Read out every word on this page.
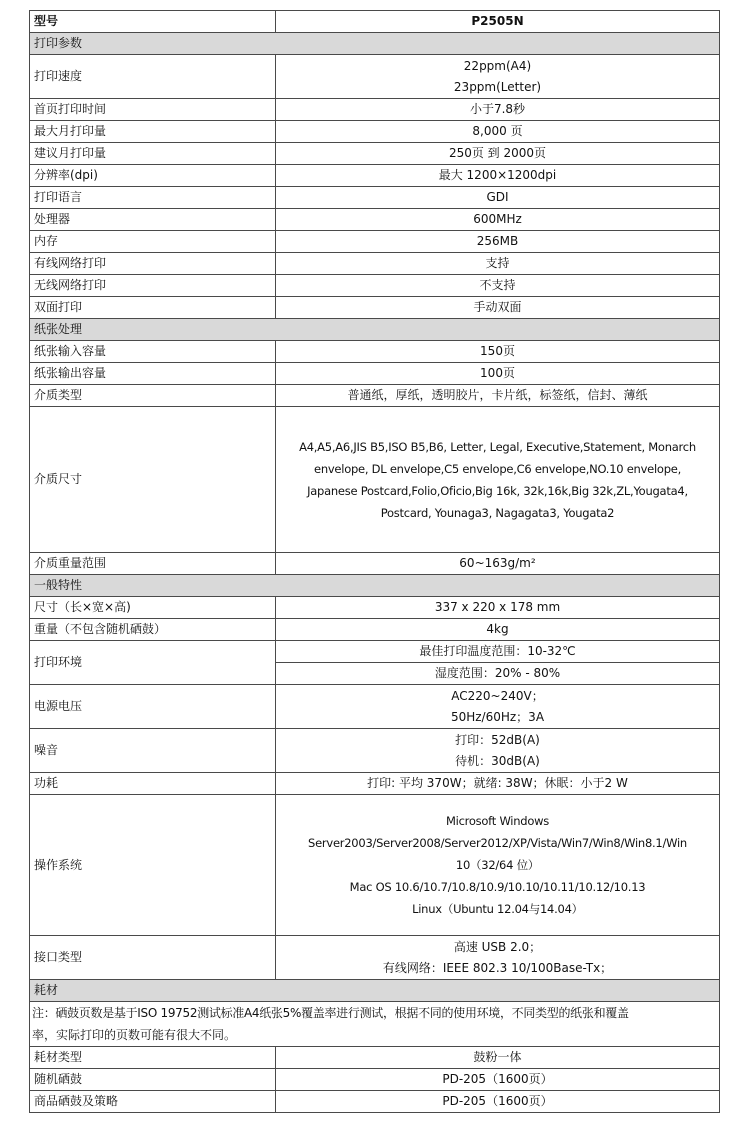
型号	P2505N
打印参数	
打印速度	22ppm(A4)
23ppm(Letter)

首页打印时间	小于7.8秒
最大月打印量	8,000 页
建议月打印量	250页 到 2000页
分辨率(dpi)	最大 1200×1200dpi
打印语言	GDI
处理器	600MHz
内存	256MB
有线网络打印	支持
无线网络打印	不支持
双面打印	手动双面
纸张处理	
纸张输入容量	150页
纸张输出容量	100页
介质类型	普通纸，厚纸，透明胶片，卡片纸，标签纸，信封、薄纸
介质尺寸	A4,A5,A6,JIS B5,ISO B5,B6, Letter, Legal, Executive,Statement, Monarch
envelope, DL envelope,C5 envelope,C6 envelope,NO.10 envelope,
Japanese Postcard,Folio,Oficio,Big 16k, 32k,16k,Big 32k,ZL,Yougata4,
Postcard, Younaga3, Nagagata3, Yougata2

介质重量范围	60~163g/m²
一般特性	
尺寸（长×宽×高)	337 x 220 x 178 mm
重量（不包含随机硒鼓）	4kg
打印环境	最佳打印温度范围：10-32℃
湿度范围：20% - 80%

电源电压	AC220~240V；
50Hz/60Hz；3A

噪音	打印：52dB(A)
待机：30dB(A)

功耗	打印: 平均 370W；就绪: 38W；休眠：小于2 W
操作系统	Microsoft Windows
Server2003/Server2008/Server2012/XP/Vista/Win7/Win8/Win8.1/Win
10（32/64 位）
Mac OS 10.6/10.7/10.8/10.9/10.10/10.11/10.12/10.13
Linux（Ubuntu 12.04与14.04）

接口类型	高速 USB 2.0；
有线网络：IEEE 802.3 10/100Base-Tx；

耗材	

注：硒鼓页数是基于ISO 19752测试标准A4纸张5%覆盖率进行测试，根据不同的使用环境，不同类型的纸张和覆盖
率，实际打印的页数可能有很大不同。	

耗材类型	鼓粉一体
随机硒鼓	PD-205（1600页）
商品硒鼓及策略	PD-205（1600页）
